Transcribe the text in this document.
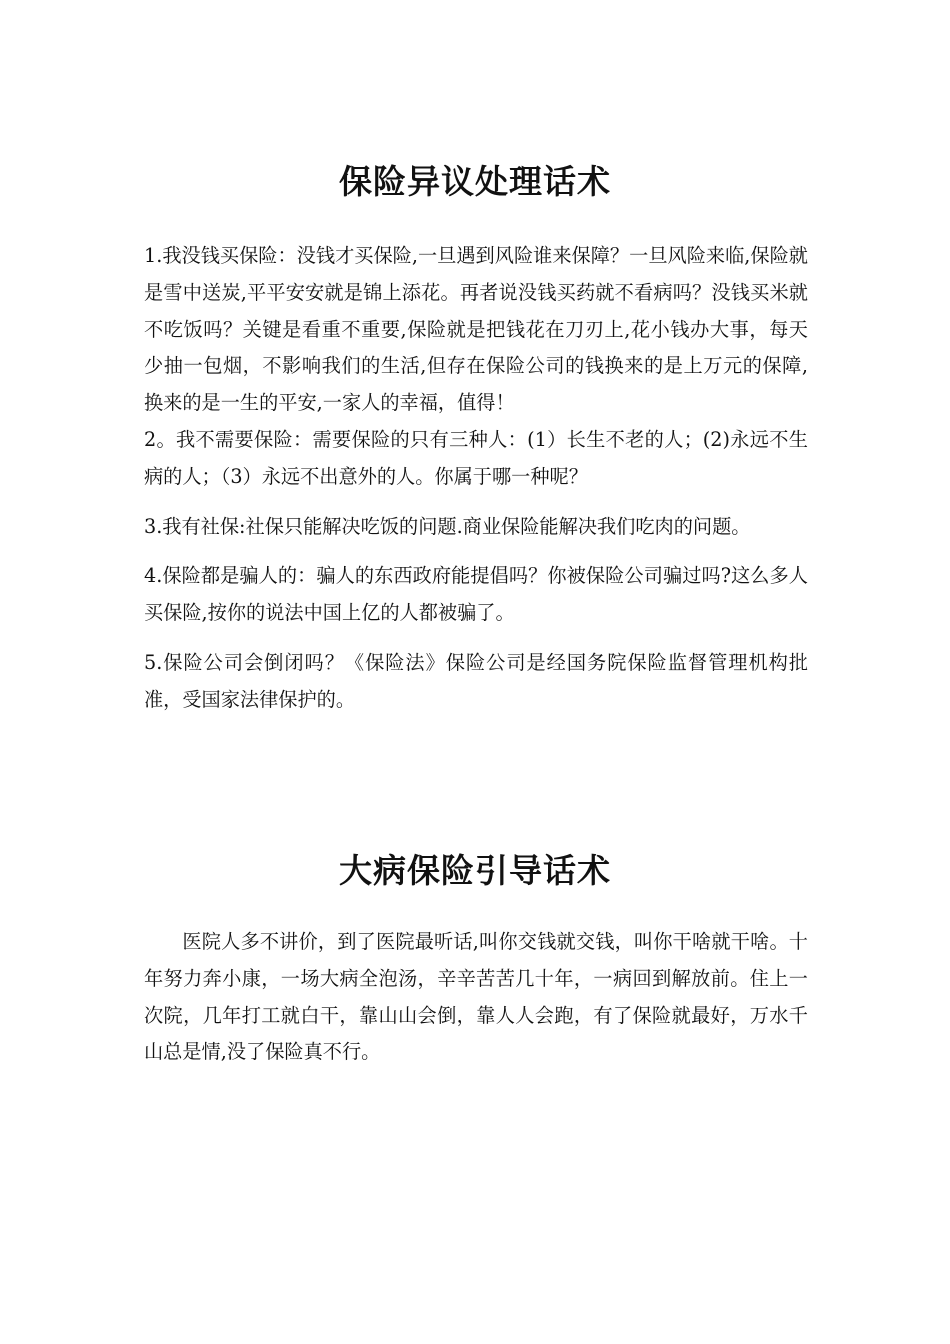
保险异议处理话术

1.我没钱买保险：没钱才买保险,一旦遇到风险谁来保障？一旦风险来临,保险就是雪中送炭,平平安安就是锦上添花。再者说没钱买药就不看病吗？没钱买米就不吃饭吗？关键是看重不重要,保险就是把钱花在刀刃上,花小钱办大事，每天少抽一包烟，不影响我们的生活,但存在保险公司的钱换来的是上万元的保障,换来的是一生的平安,一家人的幸福，值得！

2。我不需要保险：需要保险的只有三种人：(1）长生不老的人；(2)永远不生病的人；（3）永远不出意外的人。你属于哪一种呢？

3.我有社保:社保只能解决吃饭的问题.商业保险能解决我们吃肉的问题。

4.保险都是骗人的：骗人的东西政府能提倡吗？你被保险公司骗过吗?这么多人买保险,按你的说法中国上亿的人都被骗了。

5.保险公司会倒闭吗？《保险法》保险公司是经国务院保险监督管理机构批准，受国家法律保护的。

大病保险引导话术

医院人多不讲价，到了医院最听话,叫你交钱就交钱，叫你干啥就干啥。十年努力奔小康，一场大病全泡汤，辛辛苦苦几十年，一病回到解放前。住上一次院，几年打工就白干，靠山山会倒，靠人人会跑，有了保险就最好，万水千山总是情,没了保险真不行。
